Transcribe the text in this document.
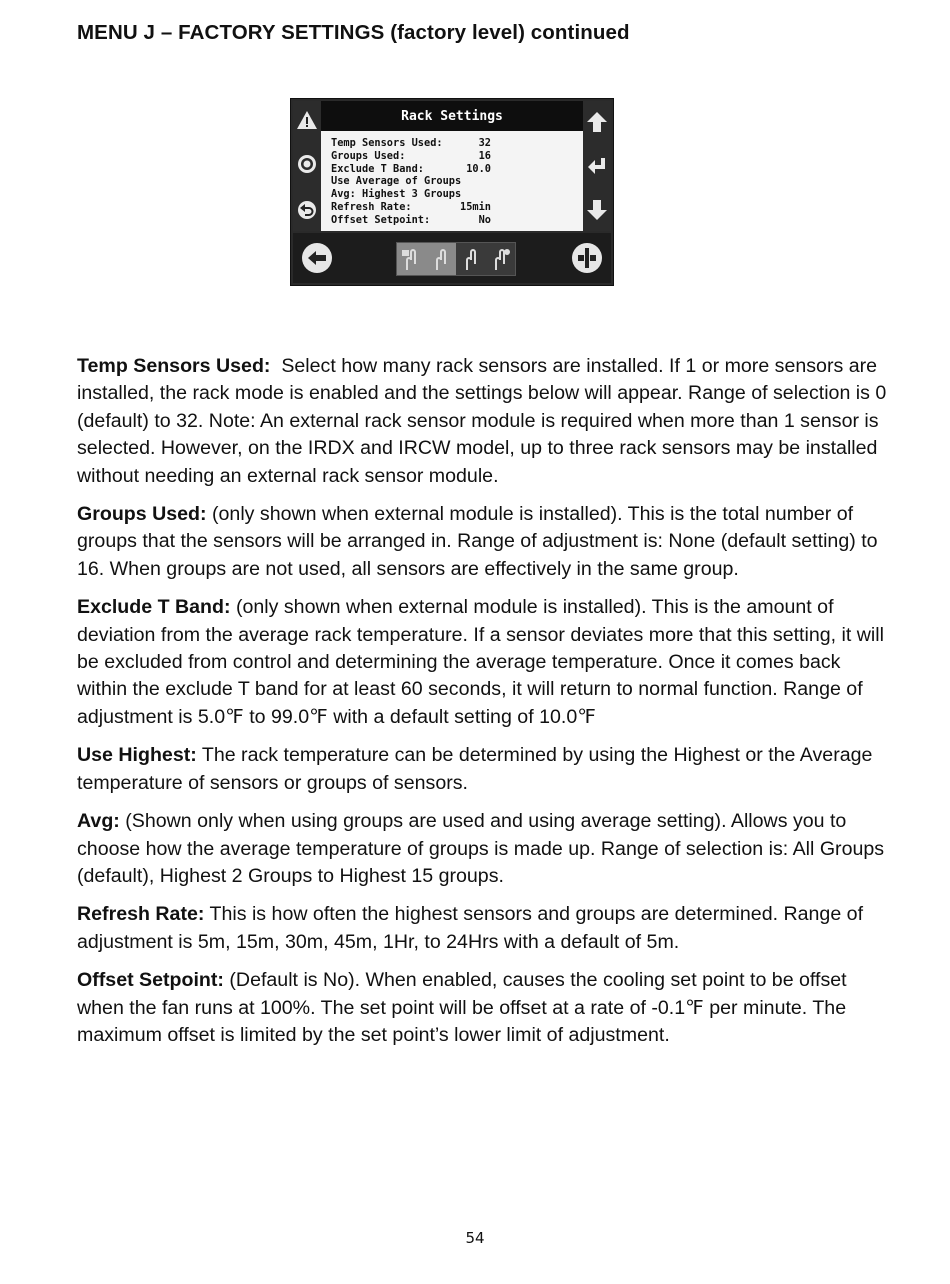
MENU J – FACTORY SETTINGS (factory level) continued
Rack Settings
Temp Sensors Used:	32
Groups Used:	16
Exclude T Band:	10.0
Use Average of Groups
Avg: Highest 3 Groups
Refresh Rate:	15min
Offset Setpoint:	No

Temp Sensors Used:  Select how many rack sensors are installed. If 1 or more sensors are installed, the rack mode is enabled and the settings below will appear. Range of selection is 0 (default) to 32. Note: An external rack sensor module is required when more than 1 sensor is selected. However, on the IRDX and IRCW model, up to three rack sensors may be installed without needing an external rack sensor module.

Groups Used: (only shown when external module is installed). This is the total number of groups that the sensors will be arranged in. Range of adjustment is: None (default setting) to 16. When groups are not used, all sensors are effectively in the same group.

Exclude T Band: (only shown when external module is installed). This is the amount of deviation from the average rack temperature. If a sensor deviates more that this setting, it will be excluded from control and determining the average temperature. Once it comes back within the exclude T band for at least 60 seconds, it will return to normal function. Range of adjustment is 5.0℉ to 99.0℉ with a default setting of 10.0℉

Use Highest: The rack temperature can be determined by using the Highest or the Average temperature of sensors or groups of sensors.

Avg: (Shown only when using groups are used and using average setting). Allows you to choose how the average temperature of groups is made up. Range of selection is: All Groups (default), Highest 2 Groups to Highest 15 groups.

Refresh Rate: This is how often the highest sensors and groups are determined. Range of adjustment is 5m, 15m, 30m, 45m, 1Hr, to 24Hrs with a default of 5m.

Offset Setpoint: (Default is No). When enabled, causes the cooling set point to be offset when the fan runs at 100%. The set point will be offset at a rate of -0.1℉ per minute. The maximum offset is limited by the set point’s lower limit of adjustment.

54
